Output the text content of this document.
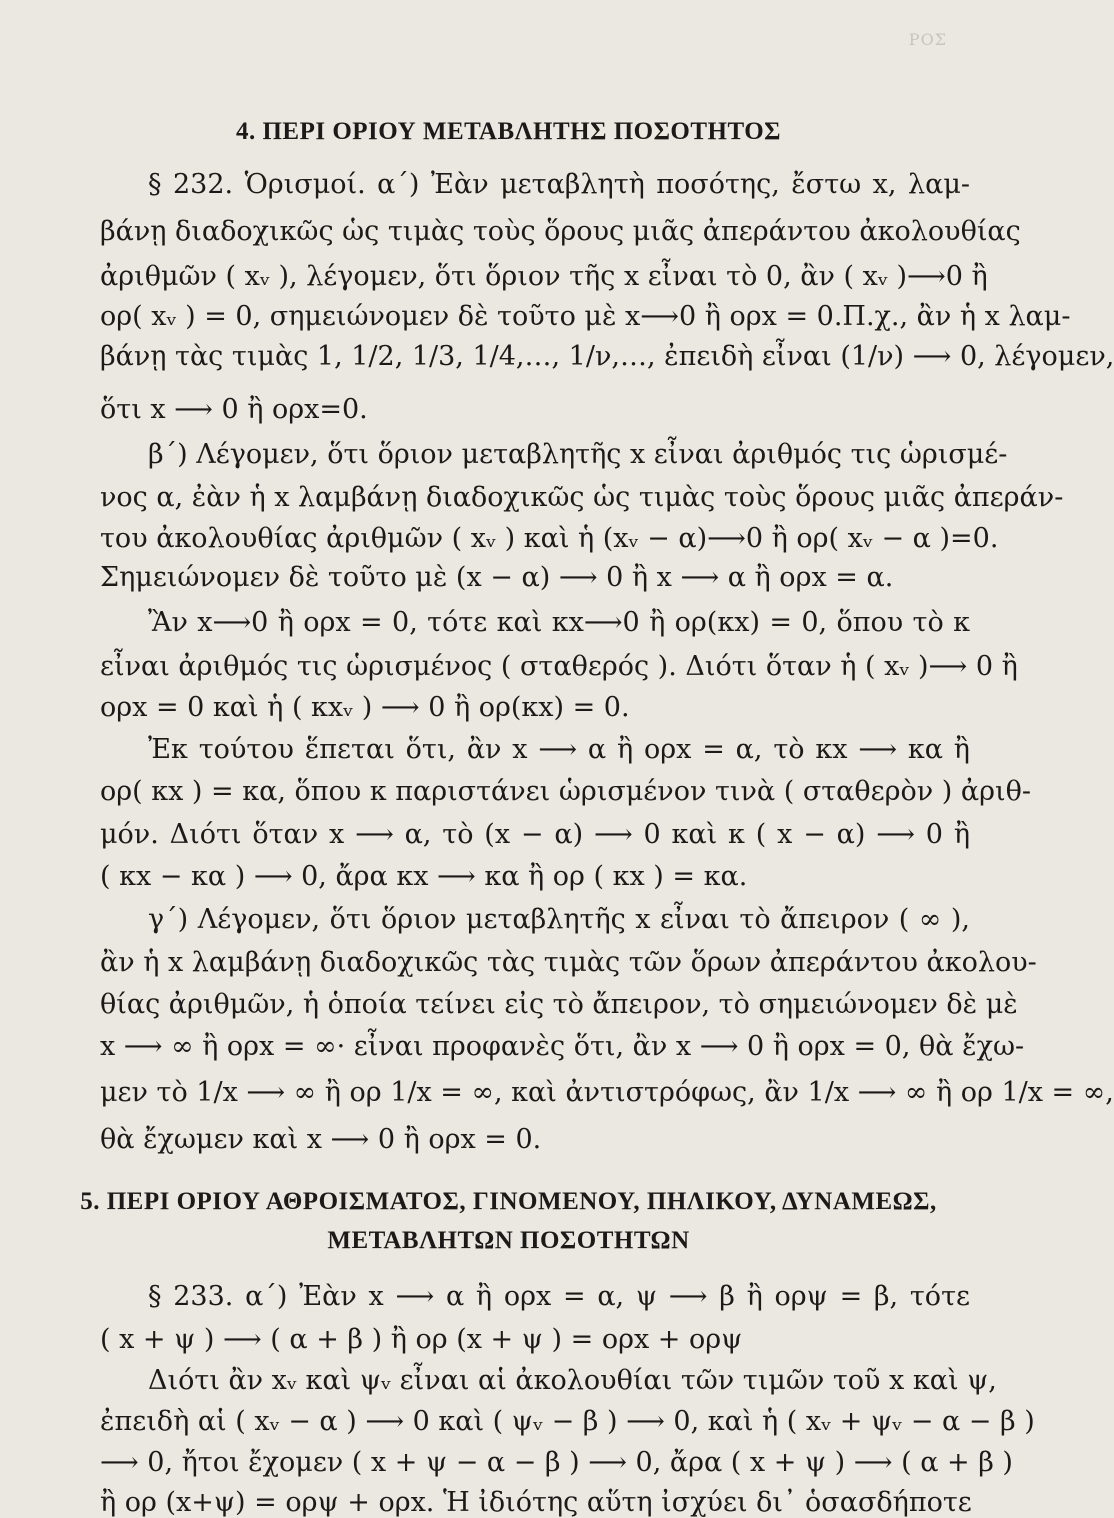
ΡΟΣ
4. ΠΕΡΙ ΟΡΙΟΥ ΜΕΤΑΒΛΗΤΗΣ ΠΟΣΟΤΗΤΟΣ
§ 232. Ὁρισμοί. α΄) Ἐὰν μεταβλητὴ ποσότης, ἔστω x, λαμ-
βάνῃ διαδοχικῶς ὡς τιμὰς τοὺς ὅρους μιᾶς ἀπεράντου ἀκολουθίας
ἀριθμῶν ( xᵥ ), λέγομεν, ὅτι ὅριον τῆς x εἶναι τὸ 0, ἂν ( xᵥ )⟶0 ἢ
ορ( xᵥ ) = 0, σημειώνομεν δὲ τοῦτο μὲ x⟶0 ἢ ορx = 0.Π.χ., ἂν ἡ x λαμ-
βάνῃ τὰς τιμὰς 1, 1/2, 1/3, 1/4,…, 1/ν,…, ἐπειδὴ εἶναι (1/ν) ⟶ 0, λέγομεν,
ὅτι x ⟶ 0 ἢ ορx=0.
β΄) Λέγομεν, ὅτι ὅριον μεταβλητῆς x εἶναι ἀριθμός τις ὡρισμέ-
νος α, ἐὰν ἡ x λαμβάνῃ διαδοχικῶς ὡς τιμὰς τοὺς ὅρους μιᾶς ἀπεράν-
του ἀκολουθίας ἀριθμῶν ( xᵥ ) καὶ ἡ (xᵥ − α)⟶0 ἢ ορ( xᵥ − α )=0.
Σημειώνομεν δὲ τοῦτο μὲ (x − α) ⟶ 0 ἢ x ⟶ α ἢ ορx = α.
Ἂν x⟶0 ἢ ορx = 0, τότε καὶ κx⟶0 ἢ ορ(κx) = 0, ὅπου τὸ κ
εἶναι ἀριθμός τις ὡρισμένος ( σταθερός ). Διότι ὅταν ἡ ( xᵥ )⟶ 0 ἢ
ορx = 0 καὶ ἡ ( κxᵥ ) ⟶ 0 ἢ ορ(κx) = 0.
Ἐκ τούτου ἕπεται ὅτι, ἂν x ⟶ α ἢ ορx = α, τὸ κx ⟶ κα ἢ
ορ( κx ) = κα, ὅπου κ παριστάνει ὡρισμένον τινὰ ( σταθερὸν ) ἀριθ-
μόν. Διότι ὅταν x ⟶ α, τὸ (x − α) ⟶ 0 καὶ κ ( x − α) ⟶ 0 ἢ
( κx − κα ) ⟶ 0, ἄρα κx ⟶ κα ἢ ορ ( κx ) = κα.
γ΄) Λέγομεν, ὅτι ὅριον μεταβλητῆς x εἶναι τὸ ἄπειρον ( ∞ ),
ἂν ἡ x λαμβάνῃ διαδοχικῶς τὰς τιμὰς τῶν ὅρων ἀπεράντου ἀκολου-
θίας ἀριθμῶν, ἡ ὁποία τείνει εἰς τὸ ἄπειρον, τὸ σημειώνομεν δὲ μὲ
x ⟶ ∞ ἢ ορx = ∞· εἶναι προφανὲς ὅτι, ἂν x ⟶ 0 ἢ ορx = 0, θὰ ἔχω-
μεν τὸ 1/x ⟶ ∞ ἢ ορ 1/x = ∞, καὶ ἀντιστρόφως, ἂν 1/x ⟶ ∞ ἢ ορ 1/x = ∞,
θὰ ἔχωμεν καὶ x ⟶ 0 ἢ ορx = 0.
5. ΠΕΡΙ ΟΡΙΟΥ ΑΘΡΟΙΣΜΑΤΟΣ, ΓΙΝΟΜΕΝΟΥ, ΠΗΛΙΚΟΥ, ΔΥΝΑΜΕΩΣ,
ΜΕΤΑΒΛΗΤΩΝ ΠΟΣΟΤΗΤΩΝ
§ 233. α΄) Ἐὰν x ⟶ α ἢ ορx = α, ψ ⟶ β ἢ ορψ = β, τότε
( x + ψ ) ⟶ ( α + β ) ἢ ορ (x + ψ ) = ορx + ορψ
Διότι ἂν xᵥ καὶ ψᵥ εἶναι αἱ ἀκολουθίαι τῶν τιμῶν τοῦ x καὶ ψ,
ἐπειδὴ αἱ ( xᵥ − α ) ⟶ 0 καὶ ( ψᵥ − β ) ⟶ 0, καὶ ἡ ( xᵥ + ψᵥ − α − β )
⟶ 0, ἤτοι ἔχομεν ( x + ψ − α − β ) ⟶ 0, ἄρα ( x + ψ ) ⟶ ( α + β )
ἢ ορ (x+ψ) = ορψ + ορx. Ἡ ἰδιότης αὕτη ἰσχύει δι᾿ ὁσασδήποτε
